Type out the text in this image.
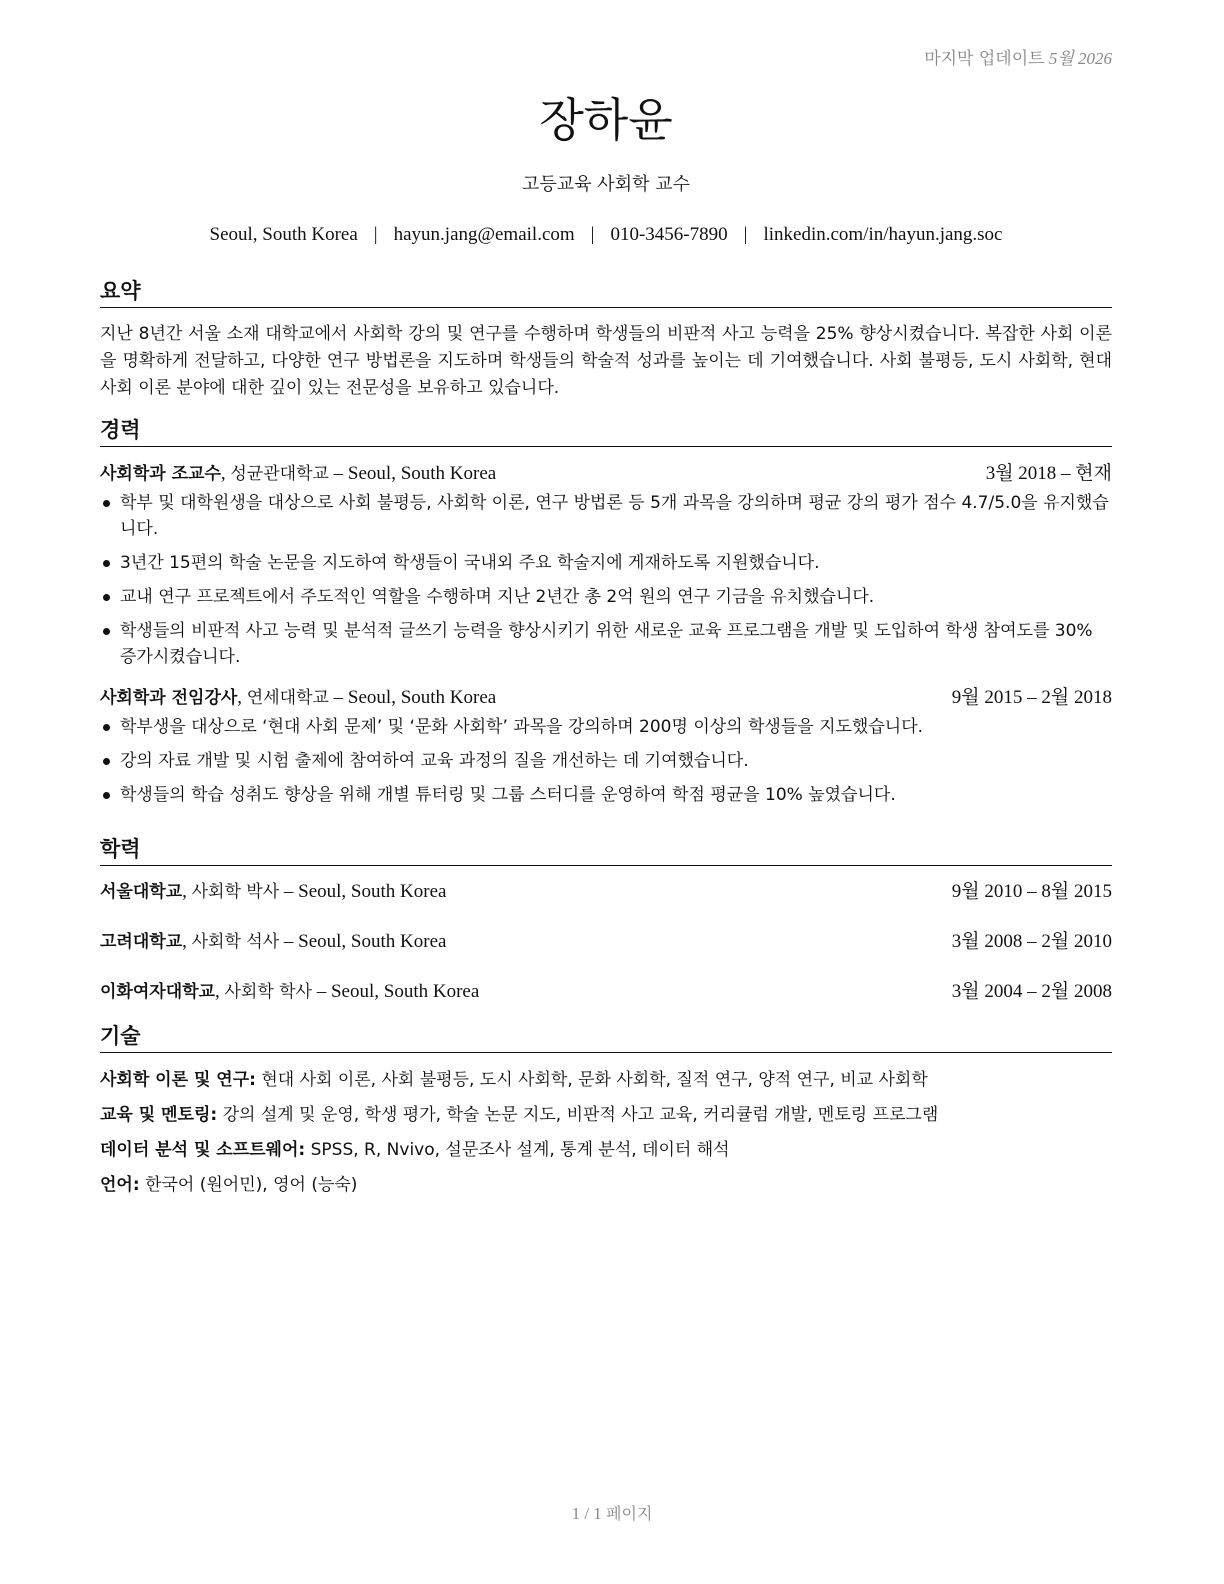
마지막 업데이트 5월 2026
장하윤
고등교육 사회학 교수
Seoul, South Korea | hayun.jang@email.com | 010-3456-7890 | linkedin.com/in/hayun.jang.soc
요약
지난 8년간 서울 소재 대학교에서 사회학 강의 및 연구를 수행하며 학생들의 비판적 사고 능력을 25% 향상시켰습니다. 복잡한 사회 이론을 명확하게 전달하고, 다양한 연구 방법론을 지도하며 학생들의 학술적 성과를 높이는 데 기여했습니다. 사회 불평등, 도시 사회학, 현대 사회 이론 분야에 대한 깊이 있는 전문성을 보유하고 있습니다.
경력
사회학과 조교수, 성균관대학교 – Seoul, South Korea	3월 2018 – 현재
학부 및 대학원생을 대상으로 사회 불평등, 사회학 이론, 연구 방법론 등 5개 과목을 강의하며 평균 강의 평가 점수 4.7/5.0을 유지했습니다.
3년간 15편의 학술 논문을 지도하여 학생들이 국내외 주요 학술지에 게재하도록 지원했습니다.
교내 연구 프로젝트에서 주도적인 역할을 수행하며 지난 2년간 총 2억 원의 연구 기금을 유치했습니다.
학생들의 비판적 사고 능력 및 분석적 글쓰기 능력을 향상시키기 위한 새로운 교육 프로그램을 개발 및 도입하여 학생 참여도를 30% 증가시켰습니다.
사회학과 전임강사, 연세대학교 – Seoul, South Korea	9월 2015 – 2월 2018
학부생을 대상으로 ‘현대 사회 문제’ 및 ‘문화 사회학’ 과목을 강의하며 200명 이상의 학생들을 지도했습니다.
강의 자료 개발 및 시험 출제에 참여하여 교육 과정의 질을 개선하는 데 기여했습니다.
학생들의 학습 성취도 향상을 위해 개별 튜터링 및 그룹 스터디를 운영하여 학점 평균을 10% 높였습니다.
학력
서울대학교, 사회학 박사 – Seoul, South Korea	9월 2010 – 8월 2015
고려대학교, 사회학 석사 – Seoul, South Korea	3월 2008 – 2월 2010
이화여자대학교, 사회학 학사 – Seoul, South Korea	3월 2004 – 2월 2008
기술
사회학 이론 및 연구: 현대 사회 이론, 사회 불평등, 도시 사회학, 문화 사회학, 질적 연구, 양적 연구, 비교 사회학
교육 및 멘토링: 강의 설계 및 운영, 학생 평가, 학술 논문 지도, 비판적 사고 교육, 커리큘럼 개발, 멘토링 프로그램
데이터 분석 및 소프트웨어: SPSS, R, Nvivo, 설문조사 설계, 통계 분석, 데이터 해석
언어: 한국어 (원어민), 영어 (능숙)
1 / 1 페이지
